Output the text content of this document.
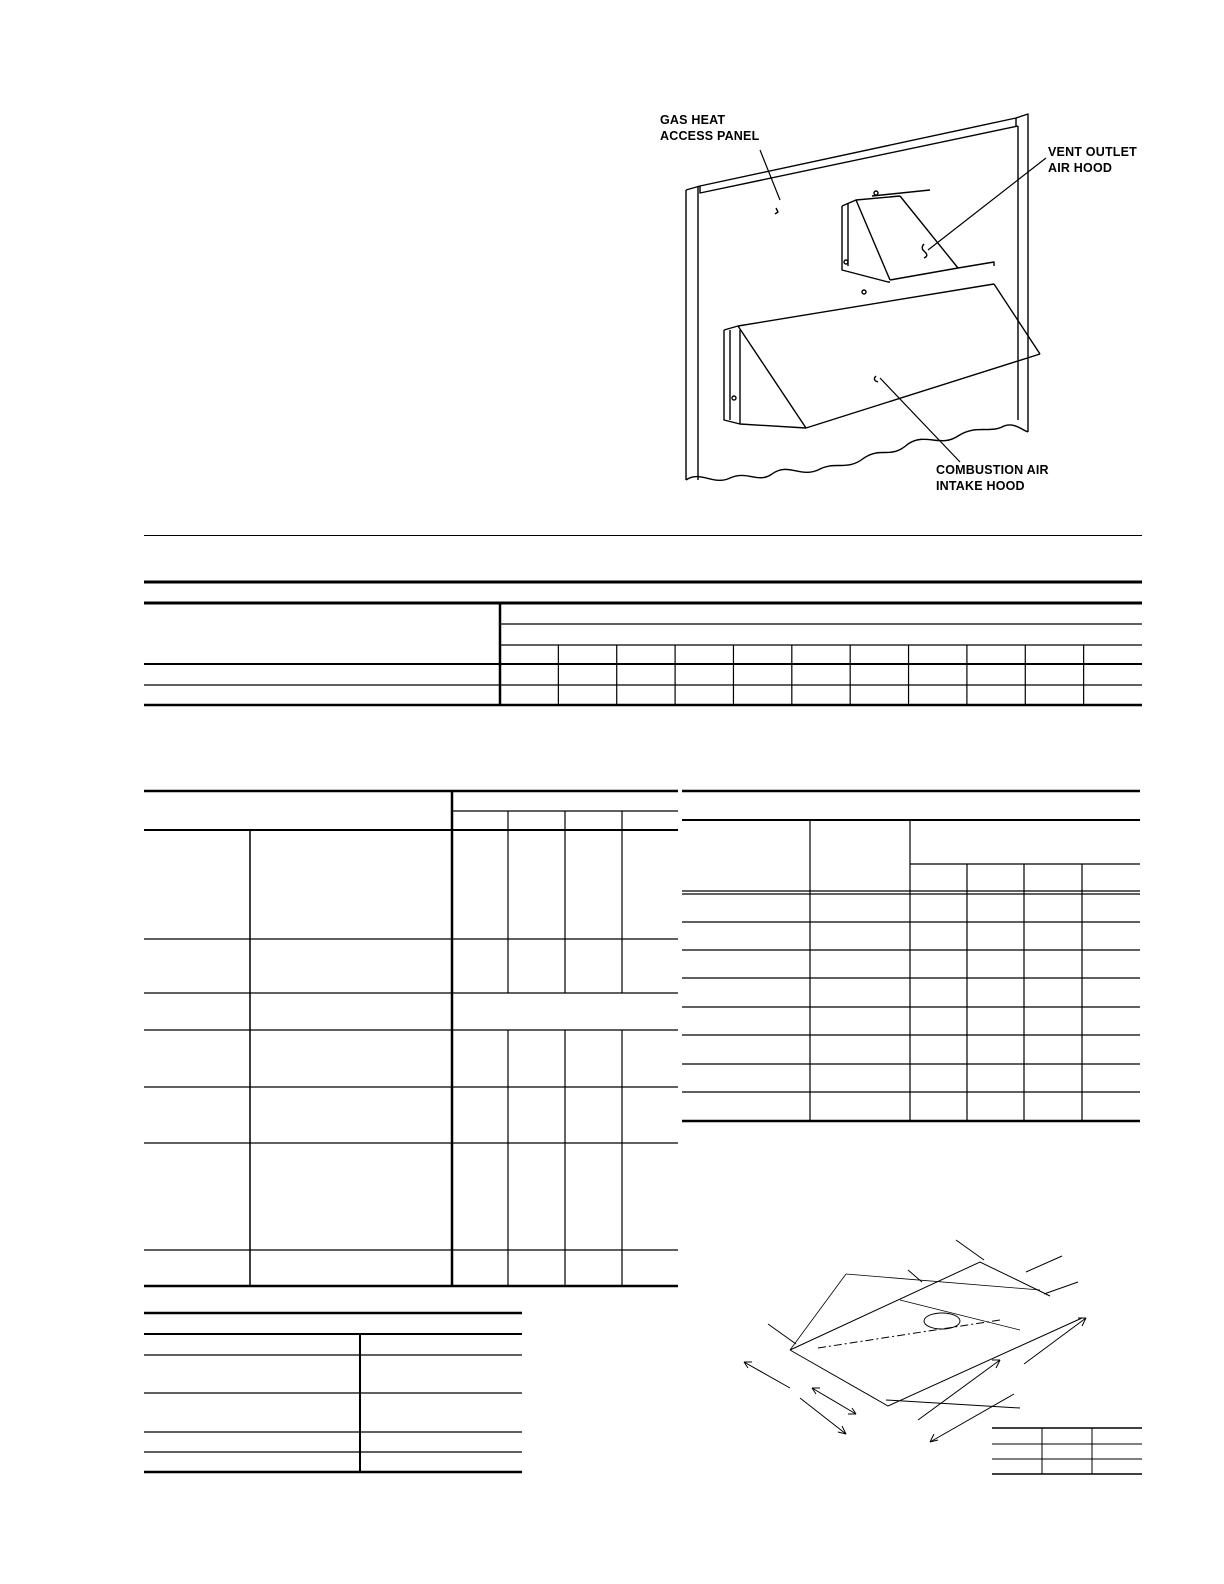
GAS HEAT
ACCESS PANEL
VENT OUTLET
AIR HOOD
COMBUSTION AIR
INTAKE HOOD
